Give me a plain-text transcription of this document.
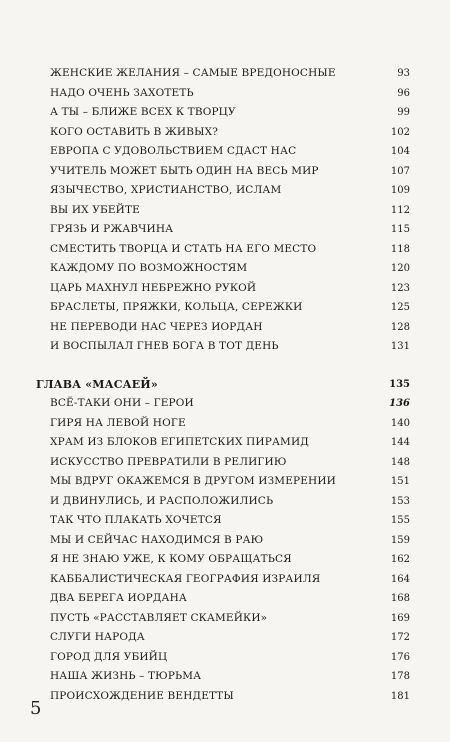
ЖЕНСКИЕ ЖЕЛАНИЯ – САМЫЕ ВРЕДОНОСНЫЕ	93
НАДО ОЧЕНЬ ЗАХОТЕТЬ	96
А ТЫ – БЛИЖЕ ВСЕХ К ТВОРЦУ	99
КОГО ОСТАВИТЬ В ЖИВЫХ?	102
ЕВРОПА С УДОВОЛЬСТВИЕМ СДАСТ НАС	104
УЧИТЕЛЬ МОЖЕТ БЫТЬ ОДИН НА ВЕСЬ МИР	107
ЯЗЫЧЕСТВО, ХРИСТИАНСТВО, ИСЛАМ	109
ВЫ ИХ УБЕЙТЕ	112
ГРЯЗЬ И РЖАВЧИНА	115
СМЕСТИТЬ ТВОРЦА И СТАТЬ НА ЕГО МЕСТО	118
КАЖДОМУ ПО ВОЗМОЖНОСТЯМ	120
ЦАРЬ МАХНУЛ НЕБРЕЖНО РУКОЙ	123
БРАСЛЕТЫ, ПРЯЖКИ, КОЛЬЦА, СЕРЕЖКИ	125
НЕ ПЕРЕВОДИ НАС ЧЕРЕЗ ИОРДАН	128
И ВОСПЫЛАЛ ГНЕВ БОГА В ТОТ ДЕНЬ	131
ГЛАВА «МАСАЕЙ»	135
ВСЁ-ТАКИ ОНИ – ГЕРОИ	136
ГИРЯ НА ЛЕВОЙ НОГЕ	140
ХРАМ ИЗ БЛОКОВ ЕГИПЕТСКИХ ПИРАМИД	144
ИСКУССТВО ПРЕВРАТИЛИ В РЕЛИГИЮ	148
МЫ ВДРУГ ОКАЖЕМСЯ В ДРУГОМ ИЗМЕРЕНИИ	151
И ДВИНУЛИСЬ, И РАСПОЛОЖИЛИСЬ	153
ТАК ЧТО ПЛАКАТЬ ХОЧЕТСЯ	155
МЫ И СЕЙЧАС НАХОДИМСЯ В РАЮ	159
Я НЕ ЗНАЮ УЖЕ, К КОМУ ОБРАЩАТЬСЯ	162
КАББАЛИСТИЧЕСКАЯ ГЕОГРАФИЯ ИЗРАИЛЯ	164
ДВА БЕРЕГА ИОРДАНА	168
ПУСТЬ «РАССТАВЛЯЕТ СКАМЕЙКИ»	169
СЛУГИ НАРОДА	172
ГОРОД ДЛЯ УБИЙЦ	176
НАША ЖИЗНЬ – ТЮРЬМА	178
ПРОИСХОЖДЕНИЕ ВЕНДЕТТЫ	181
5
